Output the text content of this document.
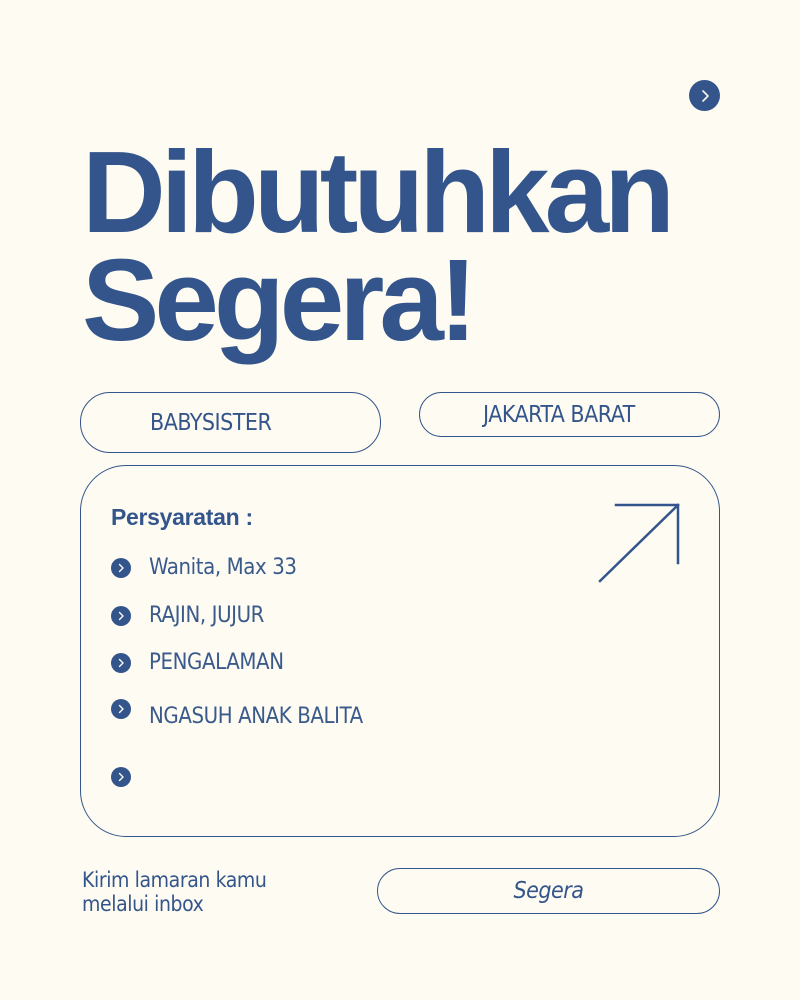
Dibutuhkan
Segera!
BABYSISTER	JAKARTA BARAT
Persyaratan :
Wanita, Max 33
RAJIN, JUJUR
PENGALAMAN
NGASUH ANAK BALITA
Kirim lamaran kamu
melalui inbox	Segera
